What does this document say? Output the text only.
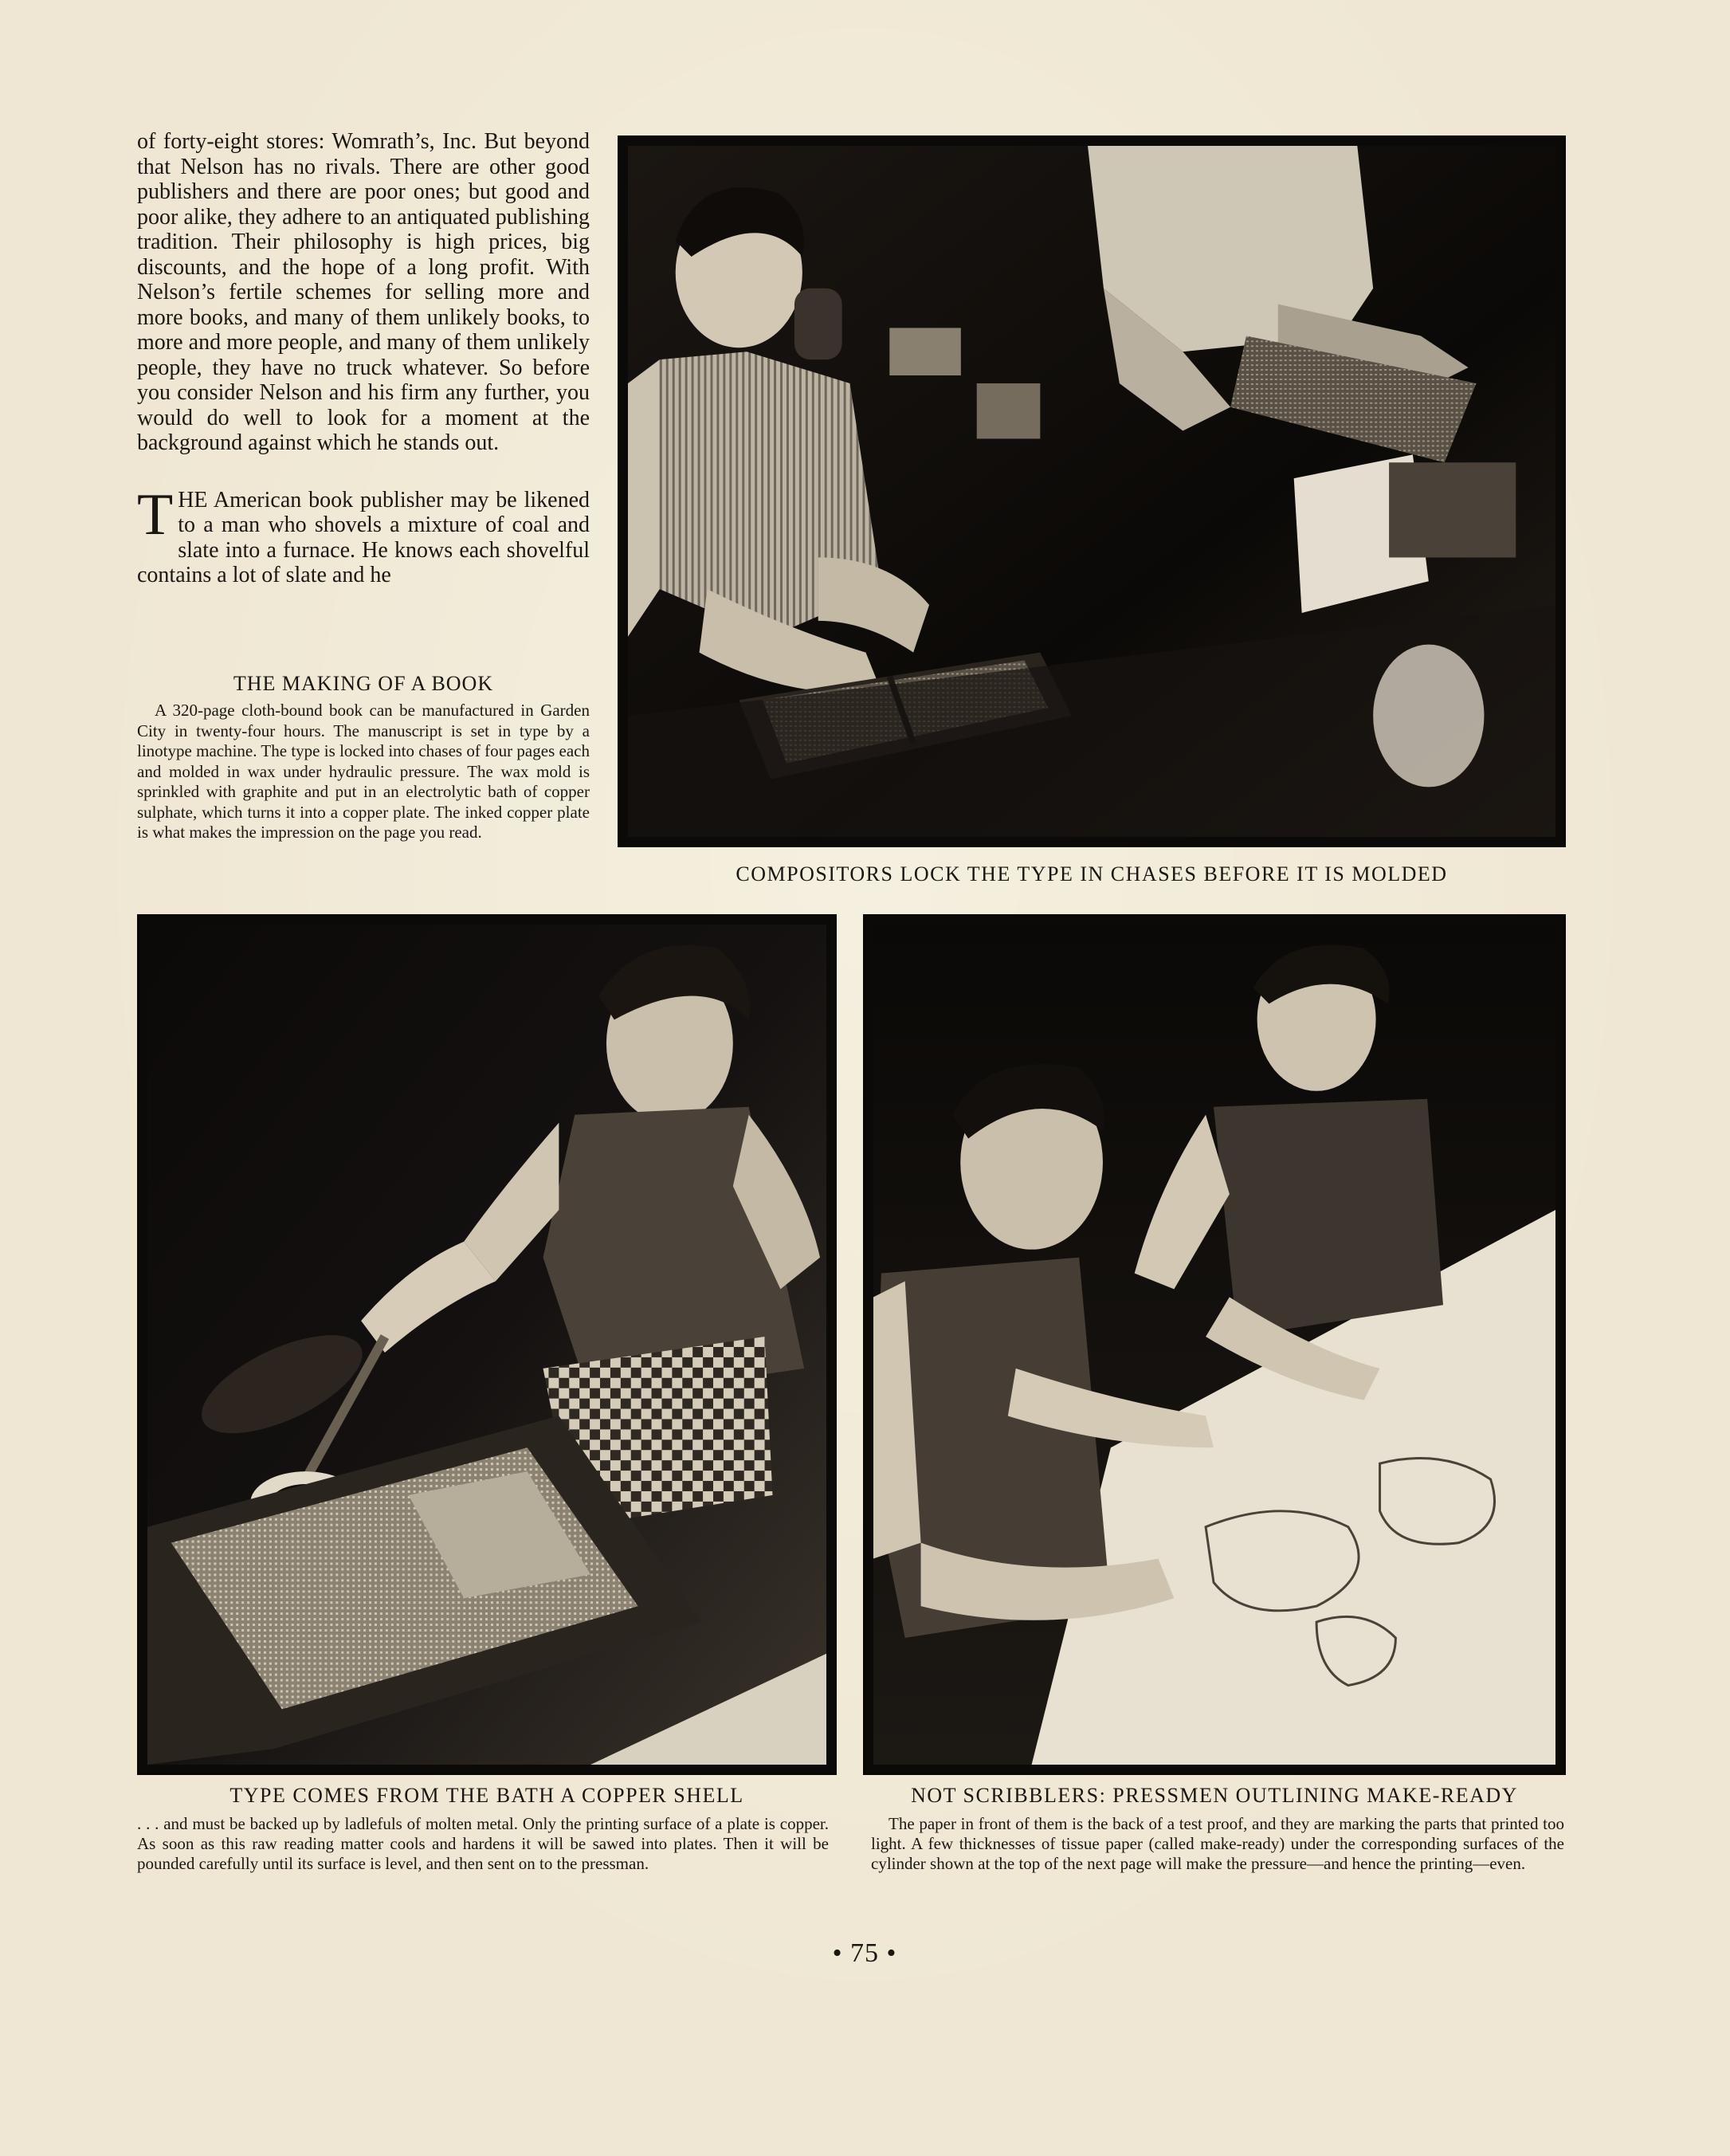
of forty-eight stores: Womrath’s, Inc. But beyond that Nelson has no rivals. There are other good publishers and there are poor ones; but good and poor alike, they adhere to an antiquated publishing tradition. Their philosophy is high prices, big discounts, and the hope of a long profit. With Nelson’s fertile schemes for selling more and more books, and many of them unlikely books, to more and more people, and many of them unlikely people, they have no truck whatever. So before you consider Nelson and his firm any further, you would do well to look for a moment at the background against which he stands out.

THE American book publisher may be likened to a man who shovels a mixture of coal and slate into a furnace. He knows each shovelful contains a lot of slate and he

THE MAKING OF A BOOK

A 320-page cloth-bound book can be manufactured in Garden City in twenty-four hours. The manuscript is set in type by a linotype machine. The type is locked into chases of four pages each and molded in wax under hydraulic pressure. The wax mold is sprinkled with graphite and put in an electrolytic bath of copper sulphate, which turns it into a copper plate. The inked copper plate is what makes the impression on the page you read.

COMPOSITORS LOCK THE TYPE IN CHASES BEFORE IT IS MOLDED
TYPE COMES FROM THE BATH A COPPER SHELL
. . . and must be backed up by ladlefuls of molten metal. Only the printing surface of a plate is copper. As soon as this raw reading matter cools and hardens it will be sawed into plates. Then it will be pounded carefully until its surface is level, and then sent on to the pressman.
NOT SCRIBBLERS: PRESSMEN OUTLINING MAKE-READY
The paper in front of them is the back of a test proof, and they are marking the parts that printed too light. A few thicknesses of tissue paper (called make-ready) under the corresponding surfaces of the cylinder shown at the top of the next page will make the pressure—and hence the printing—even.
• 75 •
